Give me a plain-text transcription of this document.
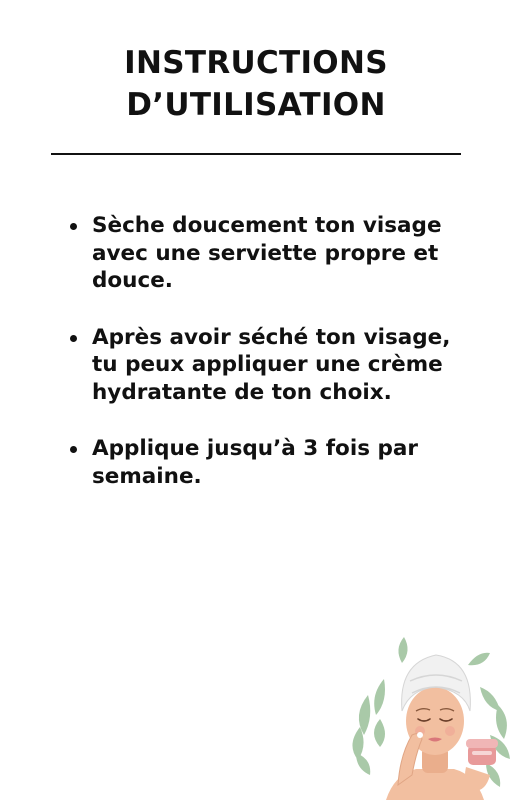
INSTRUCTIONS
D’UTILISATION
Sèche doucement ton visage avec une serviette propre et douce.
Après avoir séché ton visage, tu peux appliquer une crème hydratante de ton choix.
Applique jusqu’à 3 fois par semaine.
